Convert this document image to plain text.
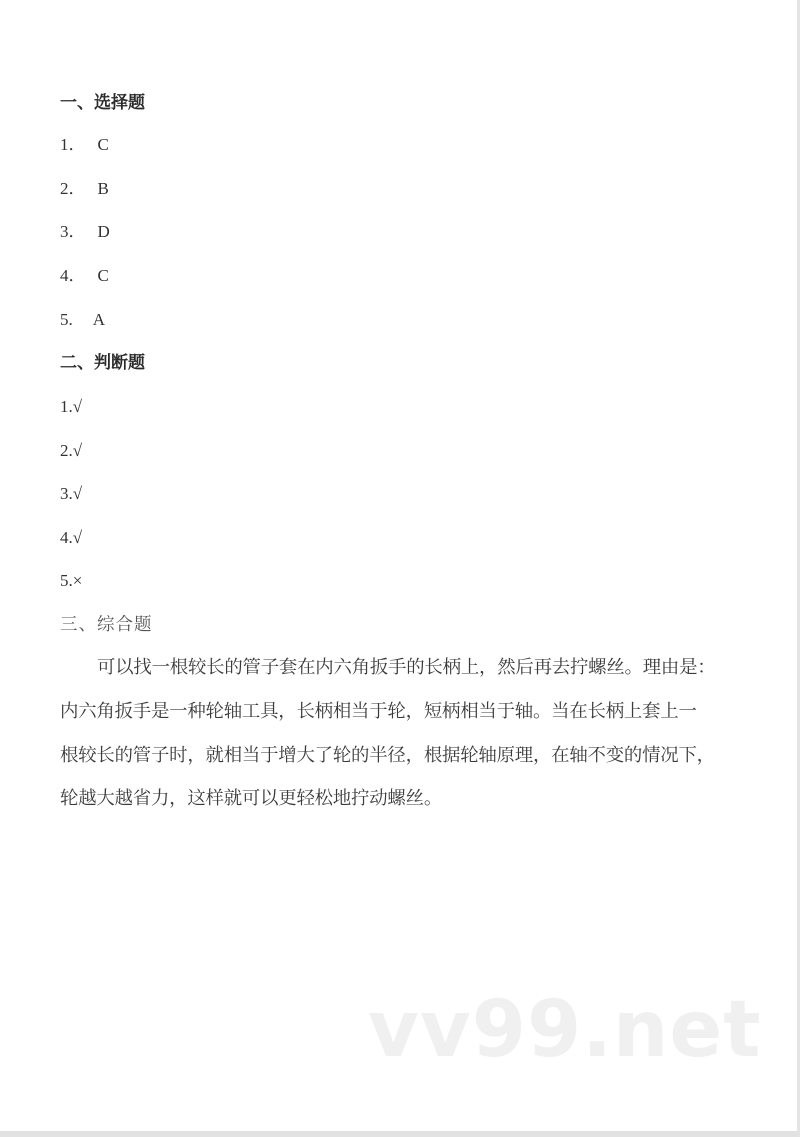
一、选择题
1． C
2． B
3． D
4． C
5. A
二、判断题
1.√
2.√
3.√
4.√
5.×
三、综合题
可以找一根较长的管子套在内六角扳手的长柄上，然后再去拧螺丝。理由是：
内六角扳手是一种轮轴工具，长柄相当于轮，短柄相当于轴。当在长柄上套上一
根较长的管子时，就相当于增大了轮的半径，根据轮轴原理，在轴不变的情况下，
轮越大越省力，这样就可以更轻松地拧动螺丝。
vv99.net
